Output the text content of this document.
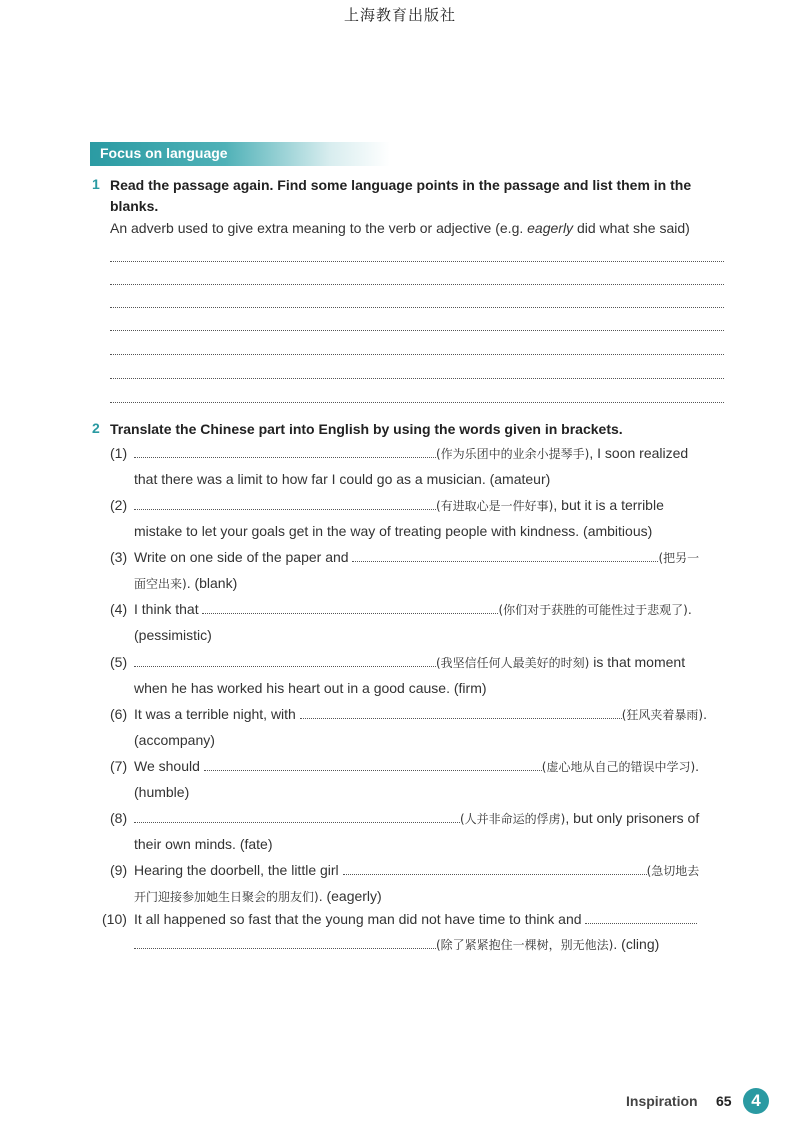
上海教育出版社
Focus on language
1 Read the passage again. Find some language points in the passage and list them in the
blanks.
An adverb used to give extra meaning to the verb or adjective (e.g. eagerly did what she said)
2 Translate the Chinese part into English by using the words given in brackets.
(1)	(作为乐团中的业余小提琴手), I soon realized
that there was a limit to how far I could go as a musician. (amateur)
(2)	(有进取心是一件好事), but it is a terrible
mistake to let your goals get in the way of treating people with kindness. (ambitious)
(3) Write on one side of the paper and	(把另一
面空出来). (blank)
(4) I think that	(你们对于获胜的可能性过于悲观了).
(pessimistic)
(5)	(我坚信任何人最美好的时刻) is that moment
when he has worked his heart out in a good cause. (firm)
(6) It was a terrible night, with	(狂风夹着暴雨).
(accompany)
(7) We should	(虚心地从自己的错误中学习).
(humble)
(8)	(人并非命运的俘虏), but only prisoners of
their own minds. (fate)
(9) Hearing the doorbell, the little girl	(急切地去
开门迎接参加她生日聚会的朋友们). (eagerly)
(10) It all happened so fast that the young man did not have time to think and
(除了紧紧抱住一棵树，别无他法). (cling)
Inspiration 65	4
